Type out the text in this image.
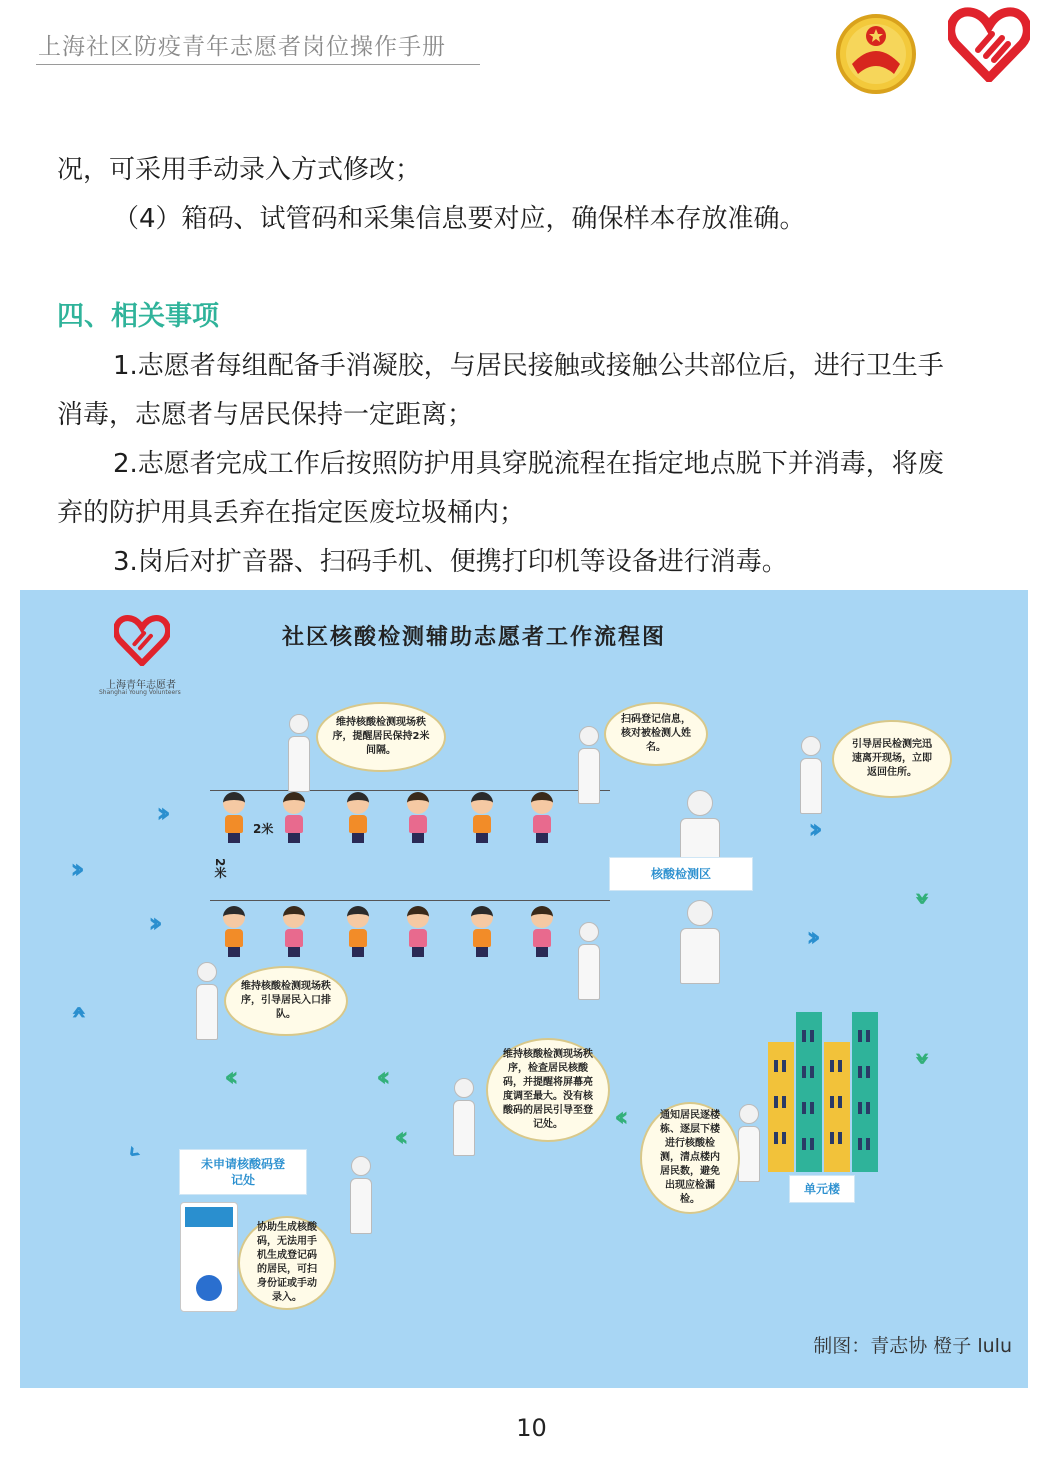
上海社区防疫青年志愿者岗位操作手册
况，可采用手动录入方式修改；
（4）箱码、试管码和采集信息要对应，确保样本存放准确。
四、相关事项
1.志愿者每组配备手消凝胶，与居民接触或接触公共部位后，进行卫生手
消毒，志愿者与居民保持一定距离；
2.志愿者完成工作后按照防护用具穿脱流程在指定地点脱下并消毒，将废
弃的防护用具丢弃在指定医废垃圾桶内；
3.岗后对扩音器、扫码手机、便携打印机等设备进行消毒。
上海青年志愿者
Shanghai Young Volunteers
社区核酸检测辅助志愿者工作流程图
2米
2米
维持核酸检测现场秩序，提醒居民保持2米间隔。
扫码登记信息，核对被检测人姓名。	引导居民检测完迅速离开现场，立即返回住所。
维持核酸检测现场秩序，引导居民入口排队。
维持核酸检测现场秩序，检查居民核酸码，并提醒将屏幕亮度调至最大。没有核酸码的居民引导至登记处。
通知居民逐楼栋、逐层下楼进行核酸检测，清点楼内居民数，避免出现应检漏检。
协助生成核酸码，无法用手机生成登记码的居民，可扫身份证或手动录入。
核酸检测区
单元楼
未申请核酸码登记处
››
››
››
››
››
››
››
‹‹
‹‹
‹‹
‹‹
››
‹
制图：青志协 橙子 lulu
10
